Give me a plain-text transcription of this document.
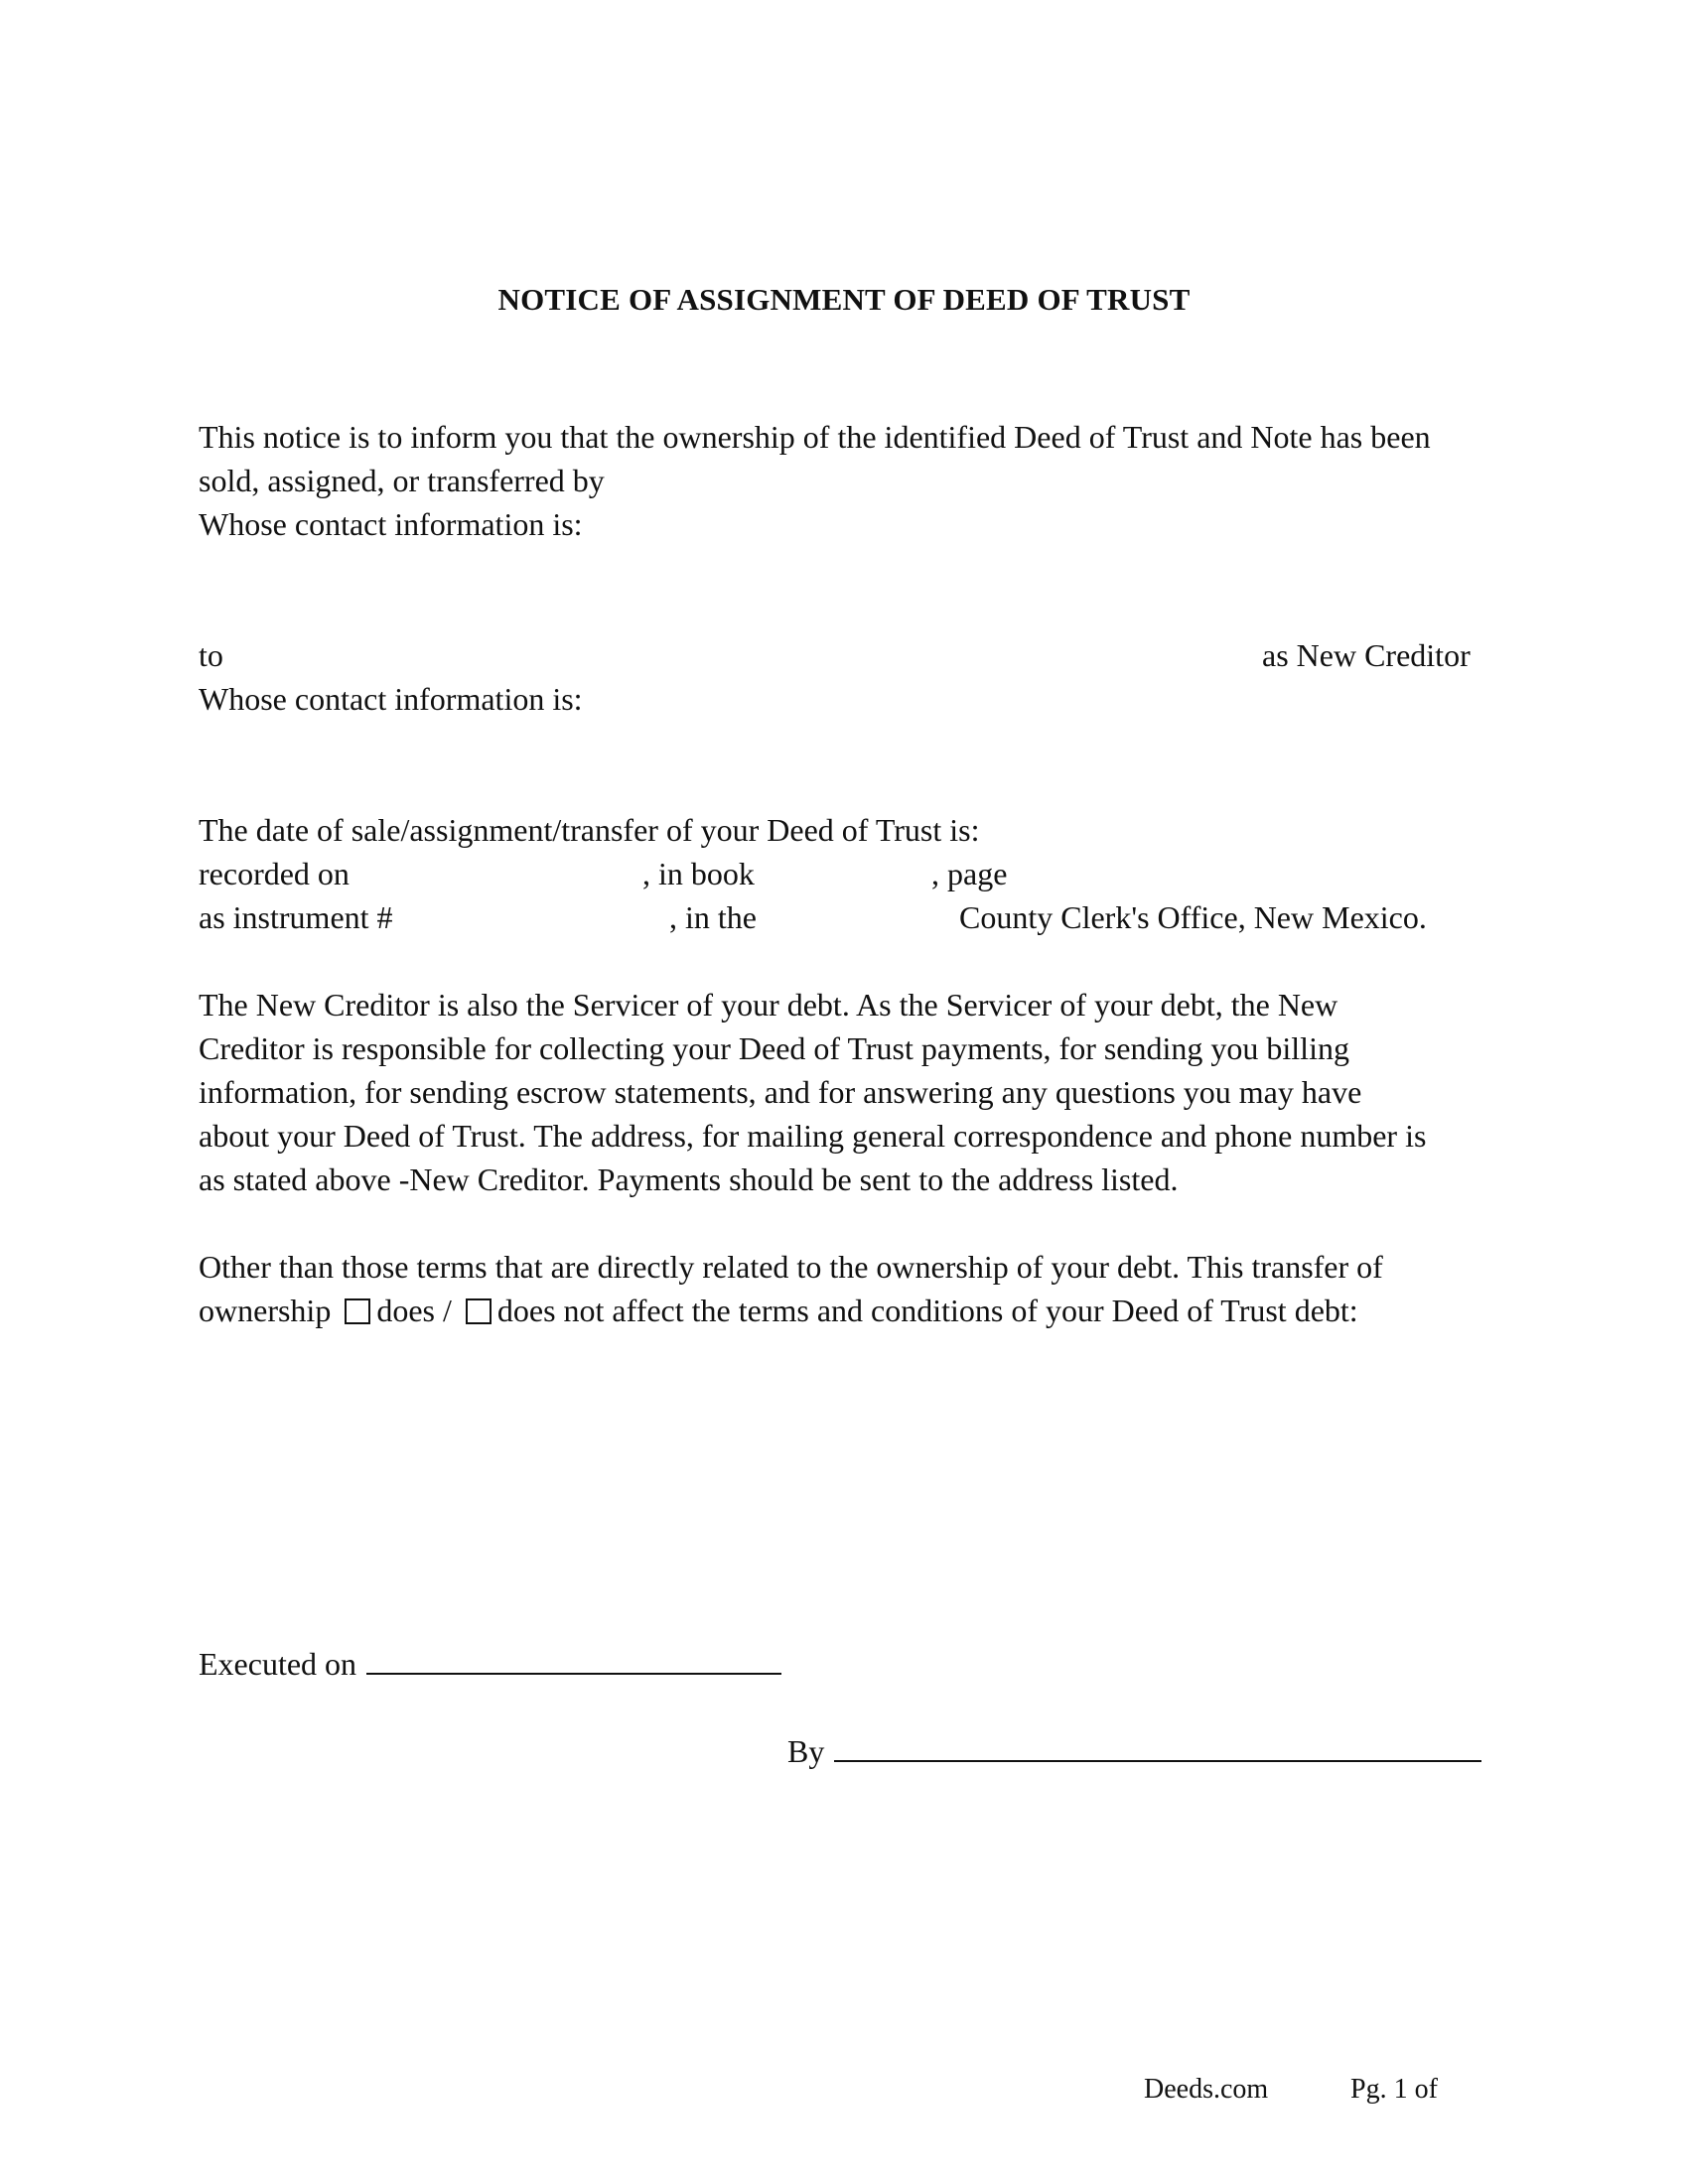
NOTICE OF ASSIGNMENT OF DEED OF TRUST
This notice is to inform you that the ownership of the identified Deed of Trust and Note has been
sold, assigned, or transferred by
Whose contact information is:
to	as New Creditor
Whose contact information is:
The date of sale/assignment/transfer of your Deed of Trust is:
recorded on	, in book	, page
as instrument #	, in the	County Clerk's Office, New Mexico.
The New Creditor is also the Servicer of your debt. As the Servicer of your debt, the New
Creditor is responsible for collecting your Deed of Trust payments, for sending you billing
information, for sending escrow statements, and for answering any questions you may have
about your Deed of Trust. The address, for mailing general correspondence and phone number is
as stated above -New Creditor. Payments should be sent to the address listed.
Other than those terms that are directly related to the ownership of your debt. This transfer of
ownership does / does not affect the terms and conditions of your Deed of Trust debt:
Executed on
By
Deeds.com	Pg. 1 of
